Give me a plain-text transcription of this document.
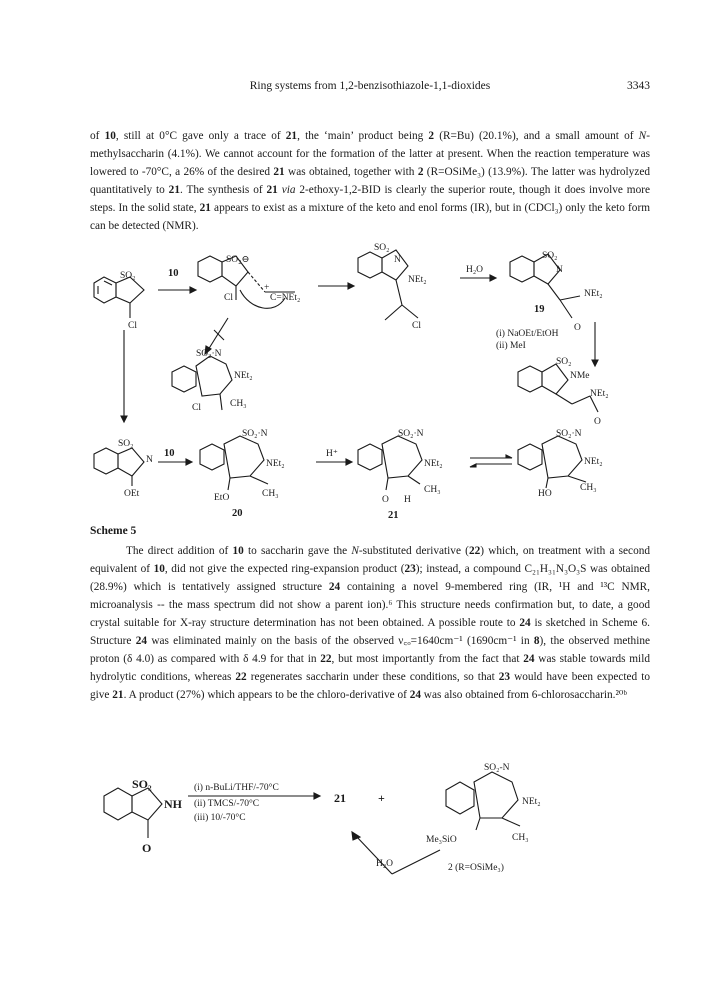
Ring systems from 1,2-benzisothiazole-1,1-dioxides	3343

of 10, still at 0°C gave only a trace of 21, the ‘main’ product being 2 (R=Bu) (20.1%), and a small amount of N-methylsaccharin (4.1%). We cannot account for the formation of the latter at present. When the reaction temperature was lowered to -70°C, a 26% of the desired 21 was obtained, together with 2 (R=OSiMe₃) (13.9%). The latter was hydrolyzed quantitatively to 21. The synthesis of 21 via 2-ethoxy-1,2-BID is clearly the superior route, though it does involve more steps. In the solid state, 21 appears to exist as a mixture of the keto and enol forms (IR), but in (CDCl₃) only the keto form can be detected (NMR).

SO₂
Cl
10
SO₂⊖
Cl
+
C=NEt₂
SO₂
N
NEt₂
Cl
H₂O
SO₂
N
NEt₂
19
O
(i) NaOEt/EtOH
(ii) MeI
SO₂
NMe
NEt₂
O
SO₂·N
NEt₂
Cl	CH₃
SO₂
N
OEt
10
SO₂·N
NEt₂
EtO	CH₃
20
H⁺
SO₂·N
NEt₂
CH₃
O H
21
SO₂·N
NEt₂
CH₃
HO
SO₂
NH
O
(i) n-BuLi/THF/-70°C
(ii) TMCS/-70°C
(iii) 10/-70°C
21	+
SO₂-N
NEt₂
Me₃SiO	CH₃
H₂O	2 (R=OSiMe₃)
Scheme 5

The direct addition of 10 to saccharin gave the N-substituted derivative (22) which, on treatment with a second equivalent of 10, did not give the expected ring-expansion product (23); instead, a compound C₂₁H₃₁N₃O₃S was obtained (28.9%) which is tentatively assigned structure 24 containing a novel 9-membered ring (IR, ¹H and ¹³C NMR, microanalysis -- the mass spectrum did not show a parent ion).⁶ This structure needs confirmation but, to date, a good crystal suitable for X-ray structure determination has not been obtained. A possible route to 24 is sketched in Scheme 6. Structure 24 was eliminated mainly on the basis of the observed ν꜀ₒ=1640cm⁻¹ (1690cm⁻¹ in 8), the observed methine proton (δ 4.0) as compared with δ 4.9 for that in 22, but most importantly from the fact that 24 was stable towards mild hydrolytic conditions, whereas 22 regenerates saccharin under these conditions, so that 23 would have been expected to give 21. A product (27%) which appears to be the chloro-derivative of 24 was also obtained from 6-chlorosaccharin.²⁰ᵇ
